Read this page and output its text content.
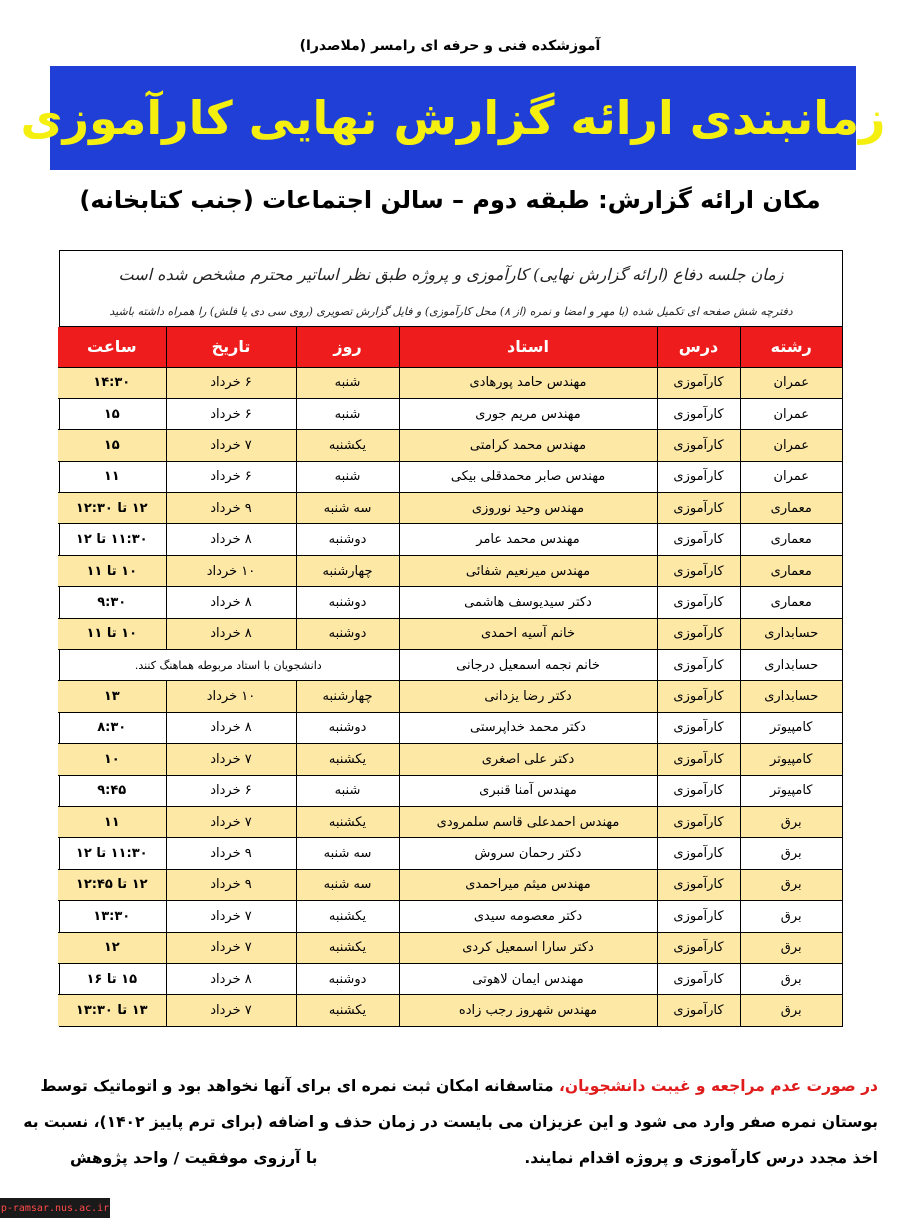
آموزشکده فنی و حرفه ای رامسر (ملاصدرا)
زمانبندی ارائه گزارش نهایی کارآموزی
مکان ارائه گزارش: طبقه دوم – سالن اجتماعات (جنب کتابخانه)
زمان جلسه دفاع (ارائه گزارش نهایی) کارآموزی و پروژه طبق نظر اساتیر محترم مشخص شده است
دفترچه شش صفحه ای تکمیل شده (با مهر و امضا و نمره (از ۸) محل کارآموزی) و فایل گزارش تصویری (روی سی دی یا فلش) را همراه داشته باشید
رشته	درس	استاد	روز	تاریخ	ساعت
عمران	کارآموزی	مهندس حامد پورهادی	شنبه	۶ خرداد	۱۴:۳۰
عمران	کارآموزی	مهندس مریم جوری	شنبه	۶ خرداد	۱۵
عمران	کارآموزی	مهندس محمد کرامتی	یکشنبه	۷ خرداد	۱۵
عمران	کارآموزی	مهندس صابر محمدقلی بیکی	شنبه	۶ خرداد	۱۱
معماری	کارآموزی	مهندس وحید نوروزی	سه شنبه	۹ خرداد	۱۲ تا ۱۲:۳۰
معماری	کارآموزی	مهندس محمد عامر	دوشنبه	۸ خرداد	۱۱:۳۰ تا ۱۲
معماری	کارآموزی	مهندس میرنعیم شفائی	چهارشنبه	۱۰ خرداد	۱۰ تا ۱۱
معماری	کارآموزی	دکتر سیدیوسف هاشمی	دوشنبه	۸ خرداد	۹:۳۰
حسابداری	کارآموزی	خانم آسیه احمدی	دوشنبه	۸ خرداد	۱۰ تا ۱۱
حسابداری	کارآموزی	خانم نجمه اسمعیل درجانی	دانشجویان با استاد مربوطه هماهنگ کنند.		
حسابداری	کارآموزی	دکتر رضا یزدانی	چهارشنبه	۱۰ خرداد	۱۳
کامپیوتر	کارآموزی	دکتر محمد خداپرستی	دوشنبه	۸ خرداد	۸:۳۰
کامپیوتر	کارآموزی	دکتر علی اصغری	یکشنبه	۷ خرداد	۱۰
کامپیوتر	کارآموزی	مهندس آمنا قنبری	شنبه	۶ خرداد	۹:۴۵
برق	کارآموزی	مهندس احمدعلی قاسم سلمرودی	یکشنبه	۷ خرداد	۱۱
برق	کارآموزی	دکتر رحمان سروش	سه شنبه	۹ خرداد	۱۱:۳۰ تا ۱۲
برق	کارآموزی	مهندس میثم میراحمدی	سه شنبه	۹ خرداد	۱۲ تا ۱۲:۴۵
برق	کارآموزی	دکتر معصومه سیدی	یکشنبه	۷ خرداد	۱۳:۳۰
برق	کارآموزی	دکتر سارا اسمعیل کردی	یکشنبه	۷ خرداد	۱۲
برق	کارآموزی	مهندس ایمان لاهوتی	دوشنبه	۸ خرداد	۱۵ تا ۱۶
برق	کارآموزی	مهندس شهروز رجب زاده	یکشنبه	۷ خرداد	۱۳ تا ۱۳:۳۰
در صورت عدم مراجعه و غیبت دانشجویان، متاسفانه امکان ثبت نمره ای برای آنها نخواهد بود و اتوماتیک توسط
بوستان نمره صفر وارد می شود و این عزیزان می بایست در زمان حذف و اضافه (برای ترم پاییز ۱۴۰۲)، نسبت به
اخذ مجدد درس کارآموزی و پروژه اقدام نمایند.
با آرزوی موفقیت / واحد پژوهش
p-ramsar.nus.ac.ir
